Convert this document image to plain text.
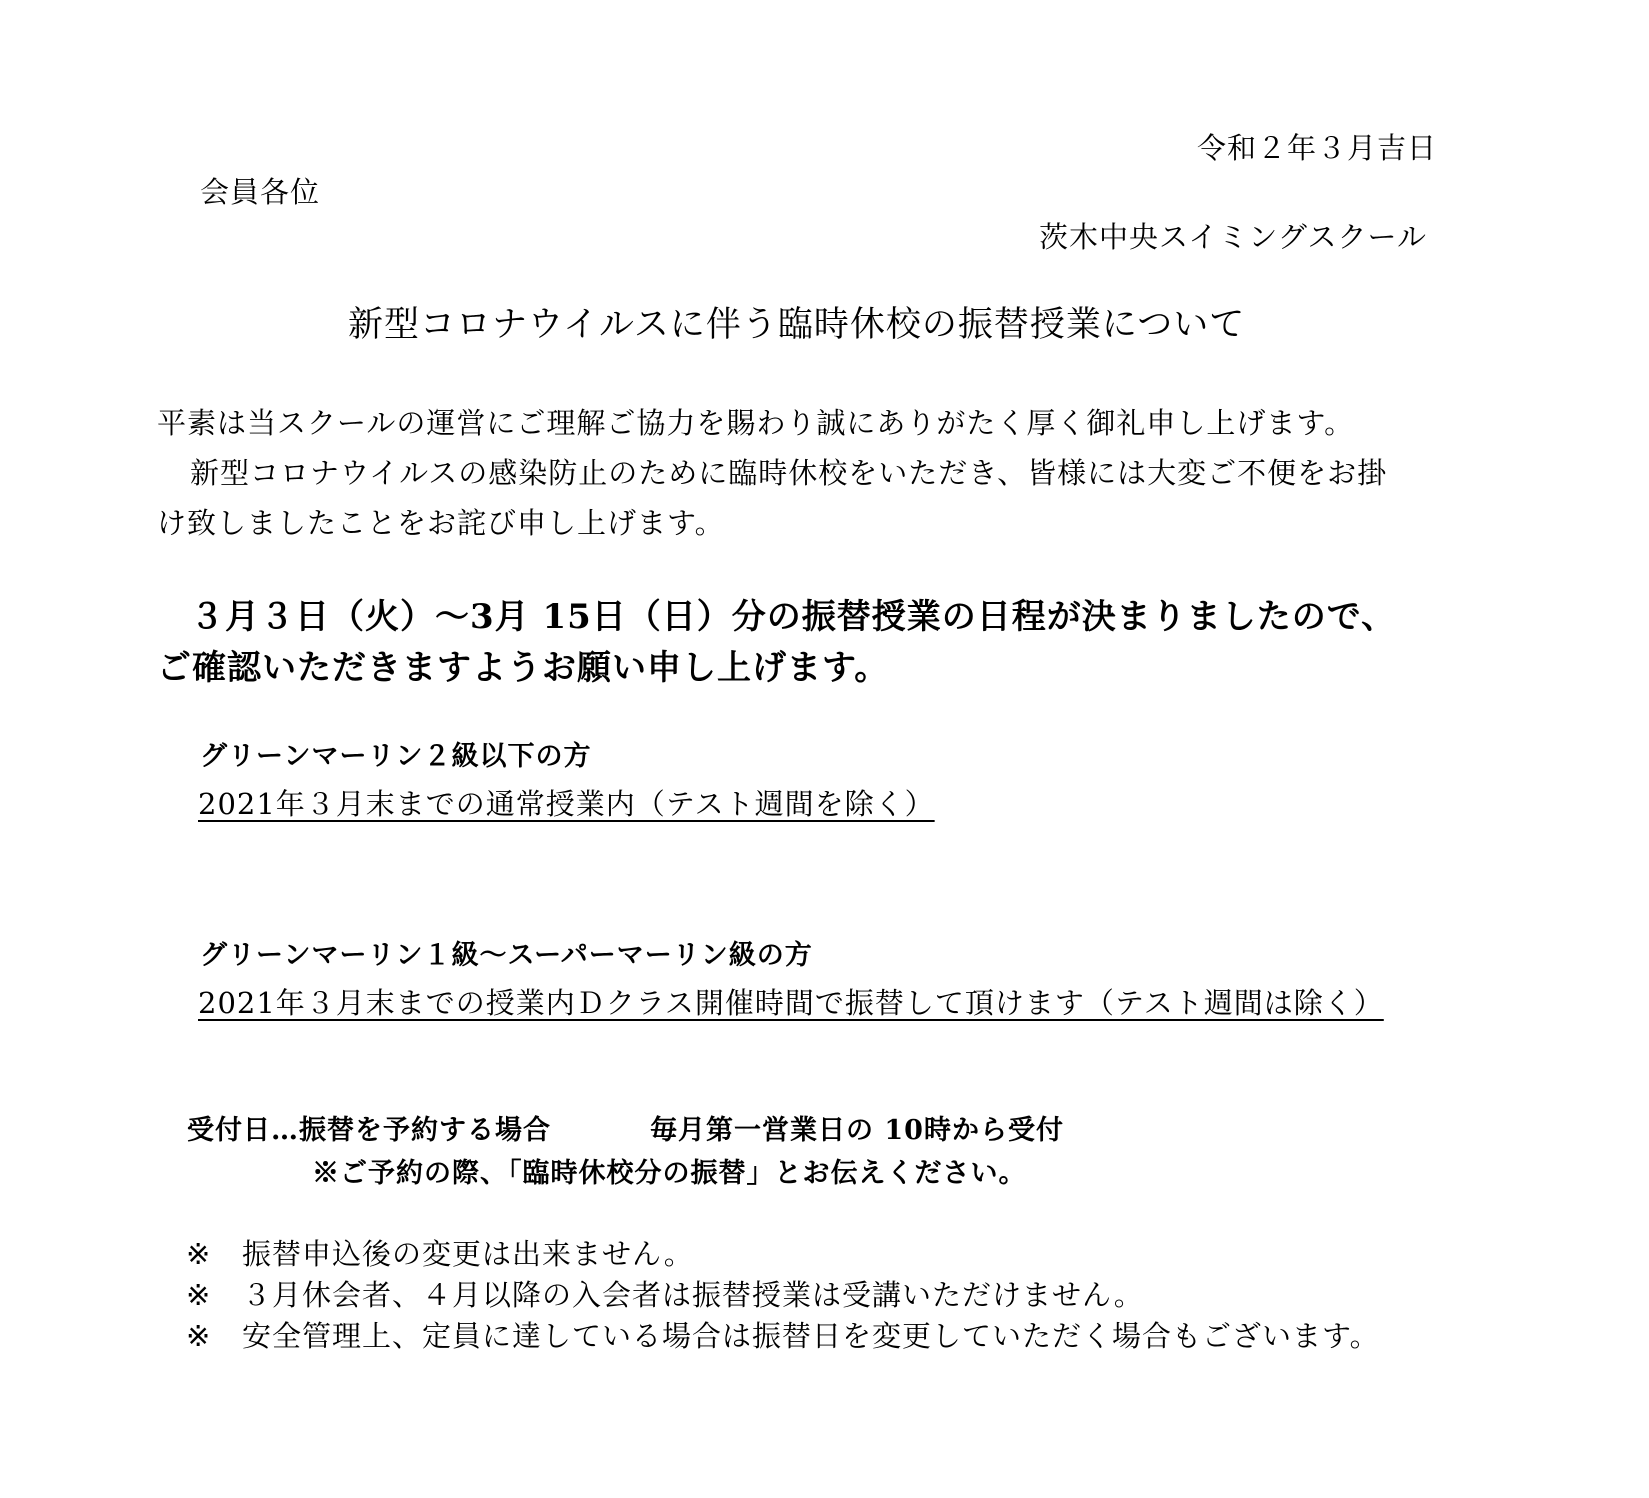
令和２年３月吉日
会員各位
茨木中央スイミングスクール
新型コロナウイルスに伴う臨時休校の振替授業について
平素は当スクールの運営にご理解ご協力を賜わり誠にありがたく厚く御礼申し上げます。
新型コロナウイルスの感染防止のために臨時休校をいただき、皆様には大変ご不便をお掛
け致しましたことをお詫び申し上げます。
３月３日（火）～3月 15日（日）分の振替授業の日程が決まりましたので、
ご確認いただきますようお願い申し上げます。
グリーンマーリン２級以下の方
2021年３月末までの通常授業内（テスト週間を除く）
グリーンマーリン１級～スーパーマーリン級の方
2021年３月末までの授業内Ｄクラス開催時間で振替して頂けます（テスト週間は除く）
受付日…振替を予約する場合	毎月第一営業日の 10時から受付
※ご予約の際、「臨時休校分の振替」とお伝えください。
※ 振替申込後の変更は出来ません。
※ ３月休会者、４月以降の入会者は振替授業は受講いただけません。
※ 安全管理上、定員に達している場合は振替日を変更していただく場合もございます。
